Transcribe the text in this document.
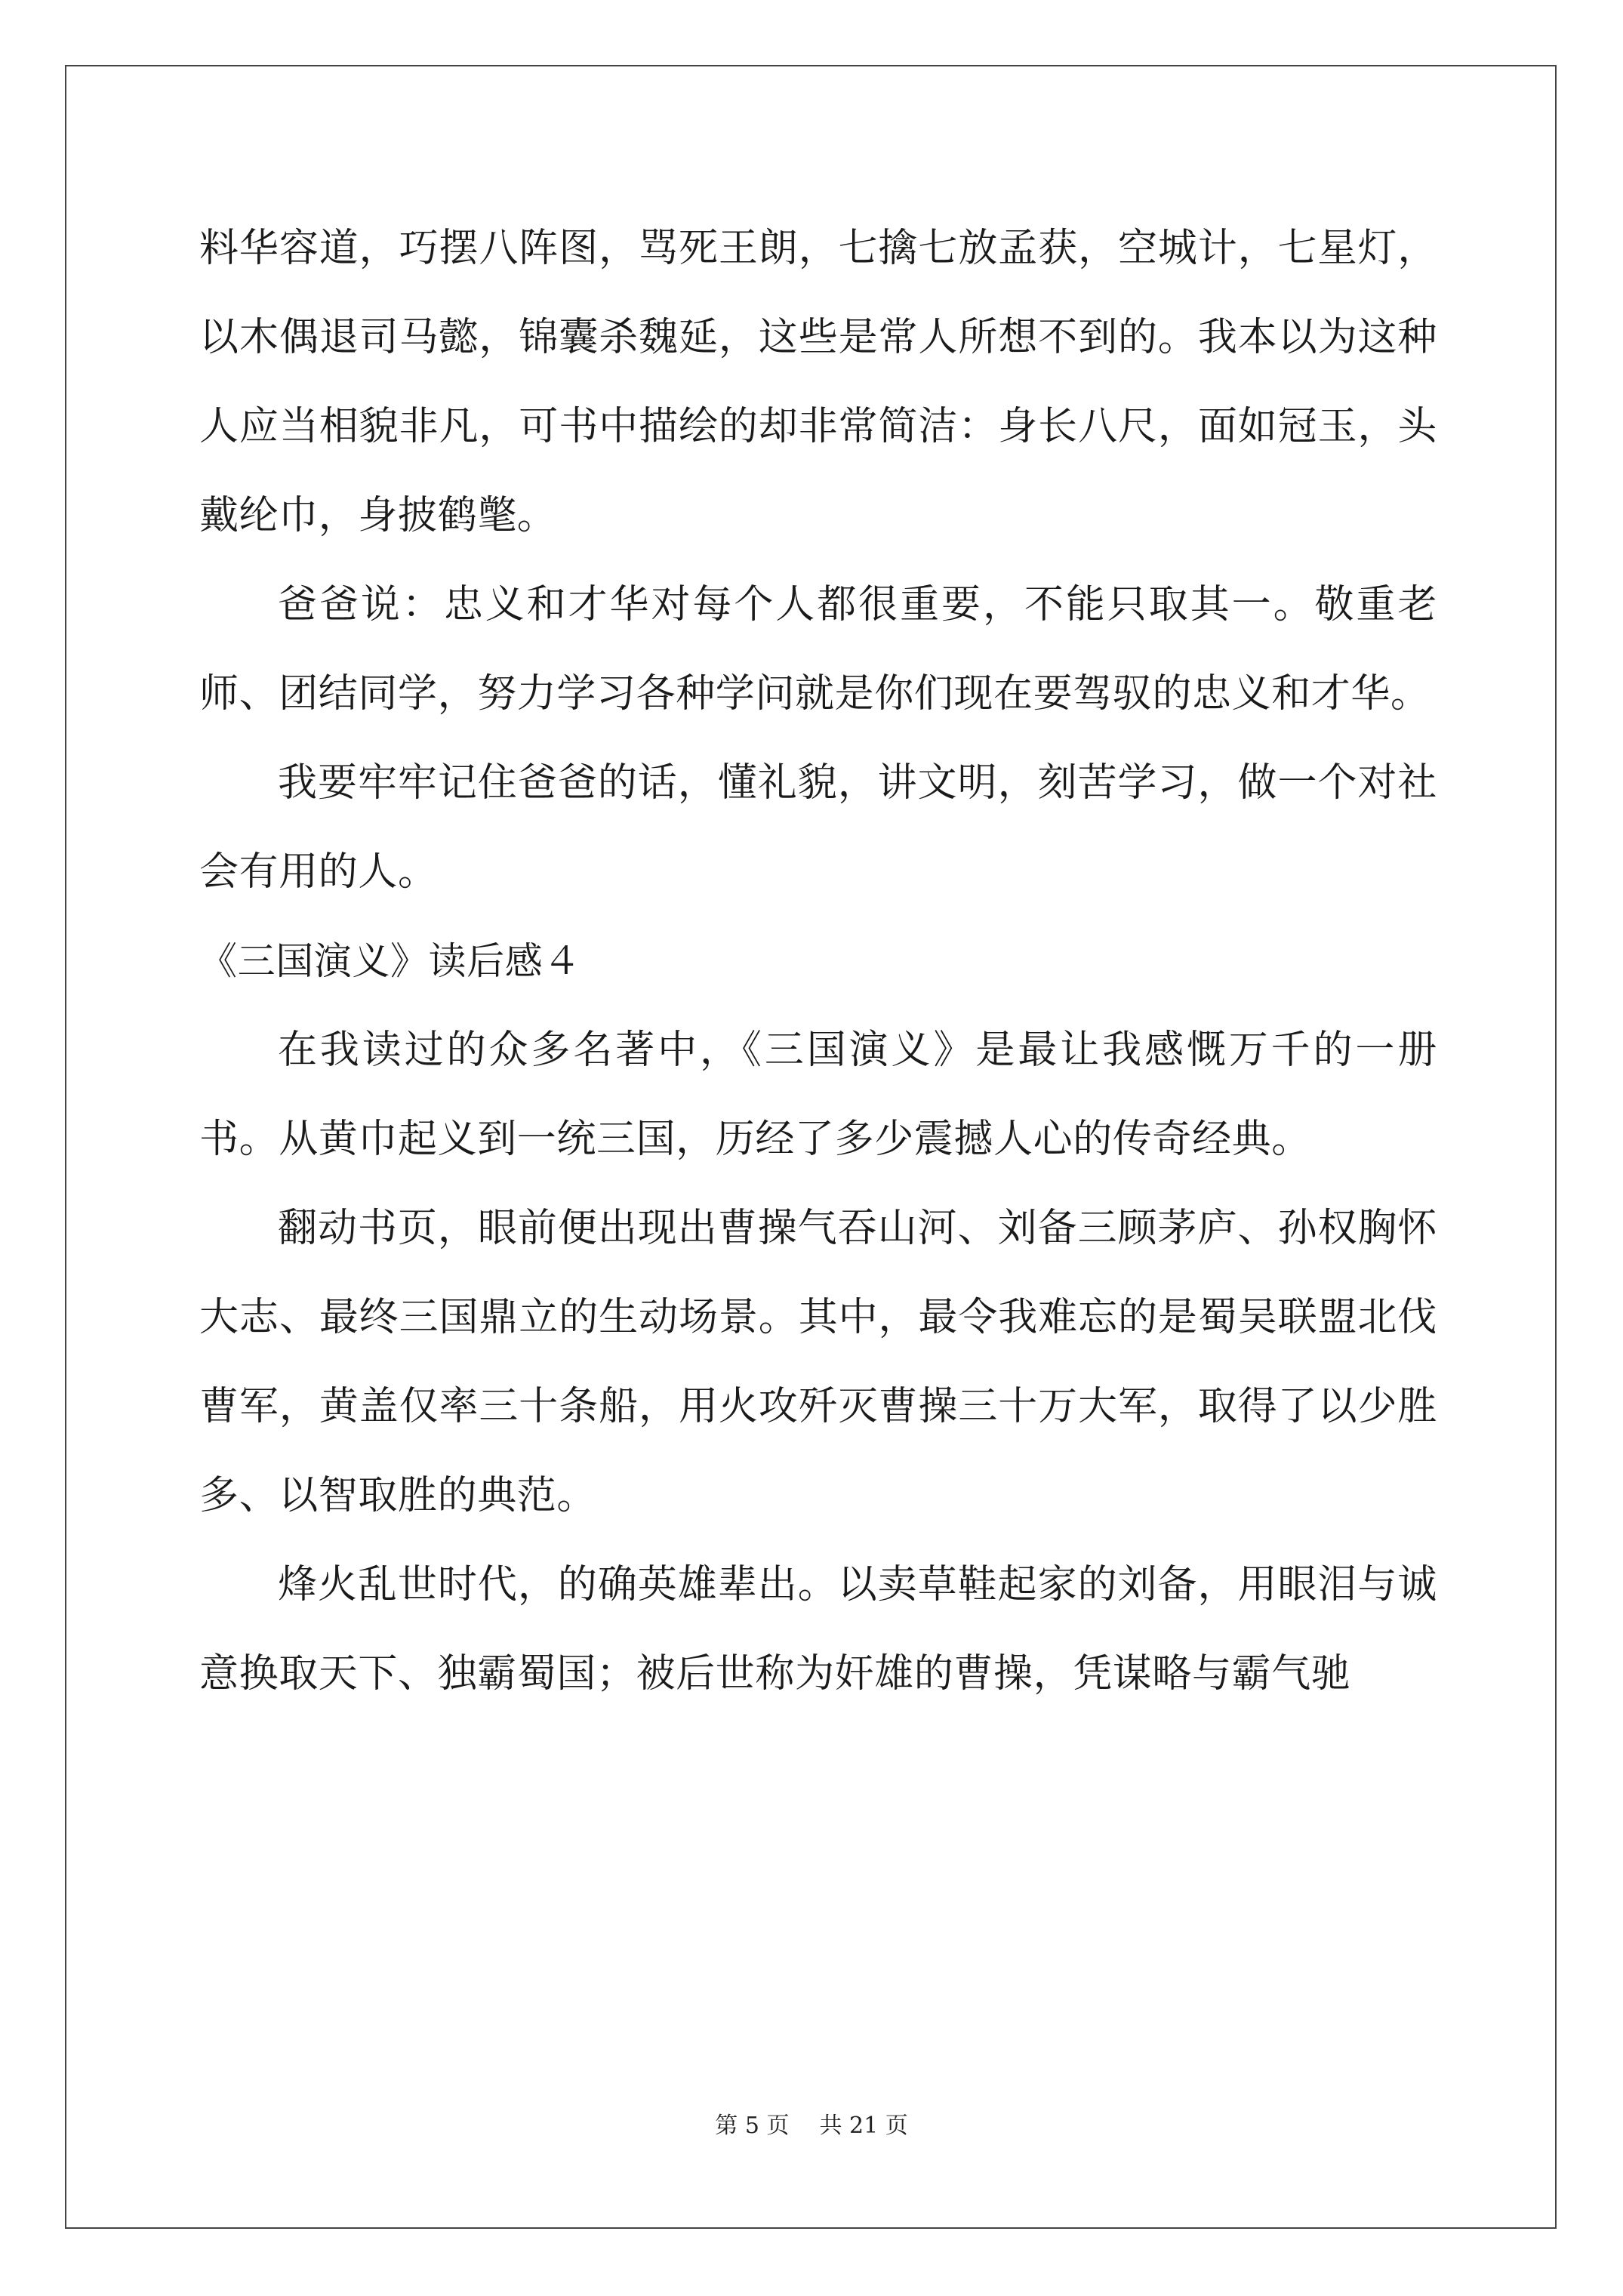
料华容道，巧摆八阵图，骂死王朗，七擒七放孟获，空城计，七星灯，以木偶退司马懿，锦囊杀魏延，这些是常人所想不到的。我本以为这种人应当相貌非凡，可书中描绘的却非常简洁：身长八尺，面如冠玉，头戴纶巾，身披鹤氅。

爸爸说：忠义和才华对每个人都很重要，不能只取其一。敬重老师、团结同学，努力学习各种学问就是你们现在要驾驭的忠义和才华。

我要牢牢记住爸爸的话，懂礼貌，讲文明，刻苦学习，做一个对社会有用的人。

《三国演义》读后感４

在我读过的众多名著中，《三国演义》是最让我感慨万千的一册书。从黄巾起义到一统三国，历经了多少震撼人心的传奇经典。

翻动书页，眼前便出现出曹操气吞山河、刘备三顾茅庐、孙权胸怀大志、最终三国鼎立的生动场景。其中，最令我难忘的是蜀吴联盟北伐曹军，黄盖仅率三十条船，用火攻歼灭曹操三十万大军，取得了以少胜多、以智取胜的典范。

烽火乱世时代，的确英雄辈出。以卖草鞋起家的刘备，用眼泪与诚意换取天下、独霸蜀国；被后世称为奸雄的曹操，凭谋略与霸气驰

第 5 页 共 21 页
